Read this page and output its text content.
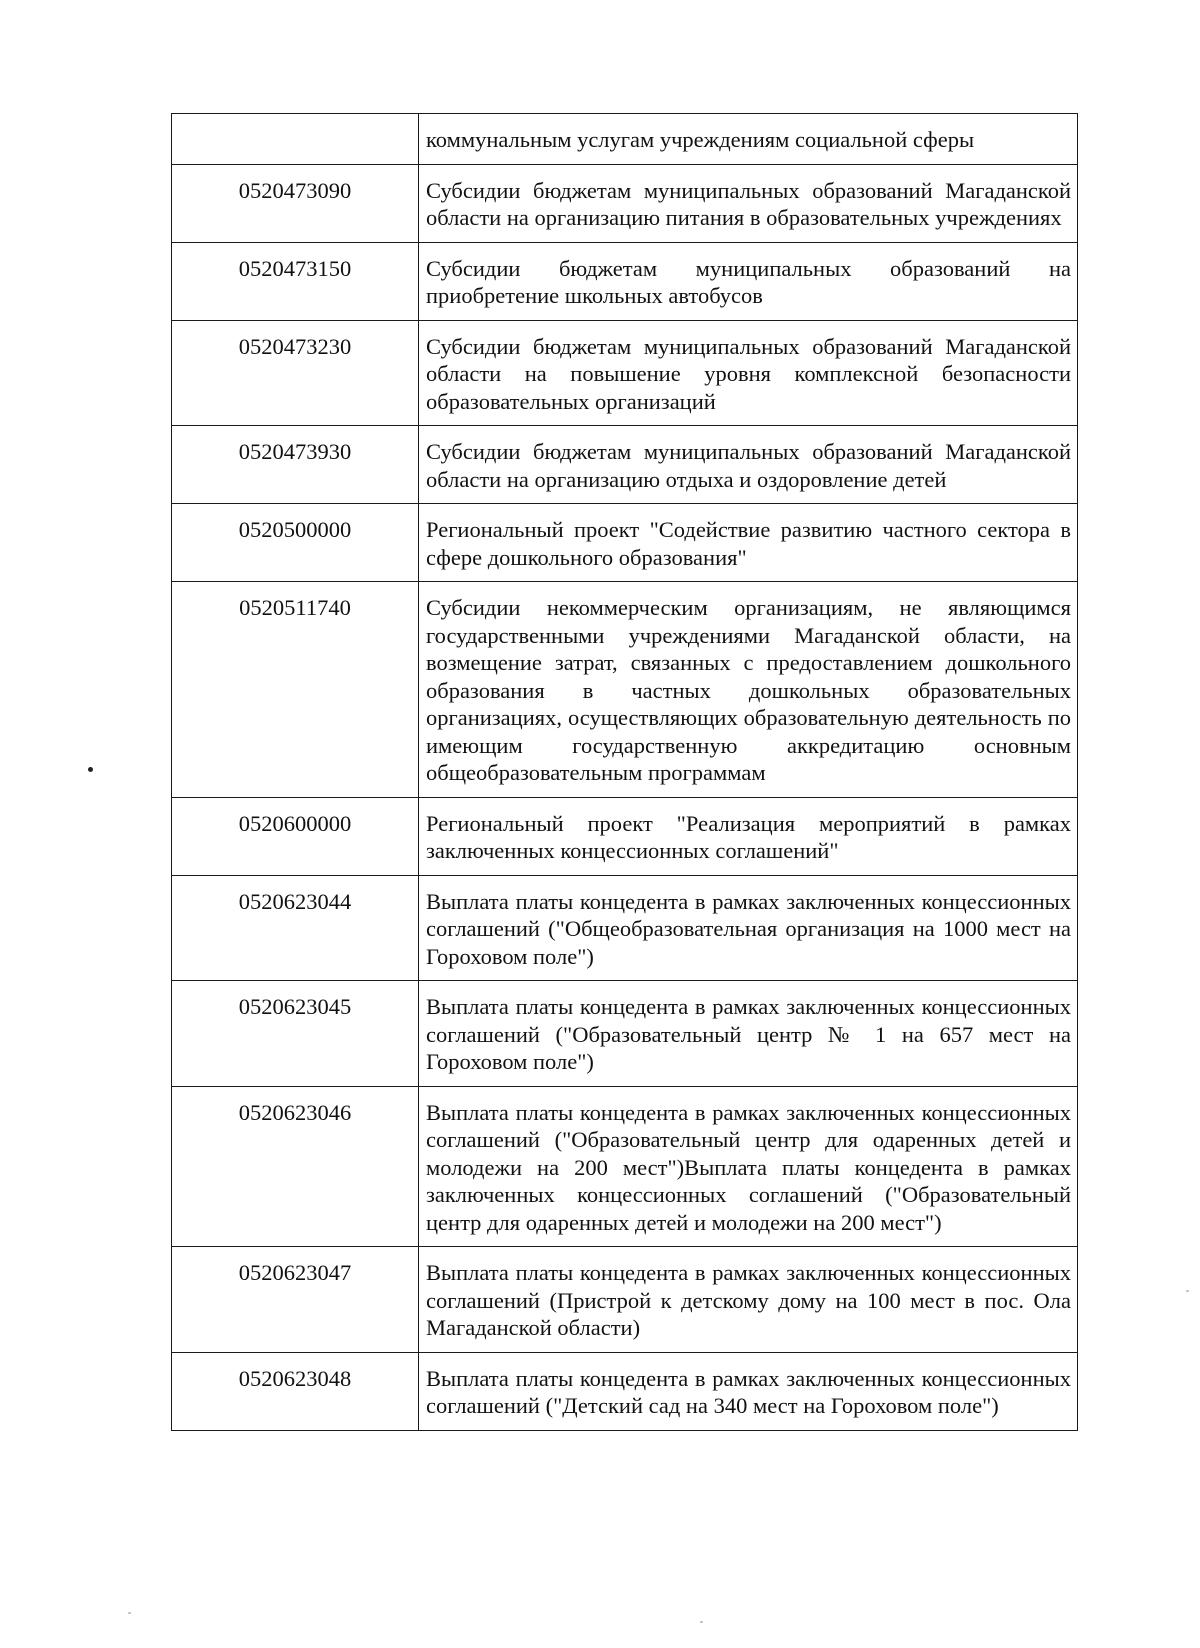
	коммунальным услугам учреждениям социальной сферы
0520473090	Субсидии бюджетам муниципальных образований Магаданской области на организацию питания в образовательных учреждениях
0520473150	Субсидии бюджетам муниципальных образований на приобретение школьных автобусов
0520473230	Субсидии бюджетам муниципальных образований Магаданской области на повышение уровня комплексной безопасности образовательных организаций
0520473930	Субсидии бюджетам муниципальных образований Магаданской области на организацию отдыха и оздоровление детей
0520500000	Региональный проект "Содействие развитию частного сектора в сфере дошкольного образования"
0520511740	Субсидии некоммерческим организациям, не являющимся государственными учреждениями Магаданской области, на возмещение затрат, связанных с предоставлением дошкольного образования в частных дошкольных образовательных организациях, осуществляющих образовательную деятельность по имеющим государственную аккредитацию основным общеобразовательным программам
0520600000	Региональный проект "Реализация мероприятий в рамках заключенных концессионных соглашений"
0520623044	Выплата платы концедента в рамках заключенных концессионных соглашений ("Общеобразовательная организация на 1000 мест на Гороховом поле")
0520623045	Выплата платы концедента в рамках заключенных концессионных соглашений ("Образовательный центр № 1 на 657 мест на Гороховом поле")
0520623046	Выплата платы концедента в рамках заключенных концессионных соглашений ("Образовательный центр для одаренных детей и молодежи на 200 мест")Выплата платы концедента в рамках заключенных концессионных соглашений ("Образовательный центр для одаренных детей и молодежи на 200 мест")
0520623047	Выплата платы концедента в рамках заключенных концессионных соглашений (Пристрой к детскому дому на 100 мест в пос. Ола Магаданской области)
0520623048	Выплата платы концедента в рамках заключенных концессионных соглашений ("Детский сад на 340 мест на Гороховом поле")
